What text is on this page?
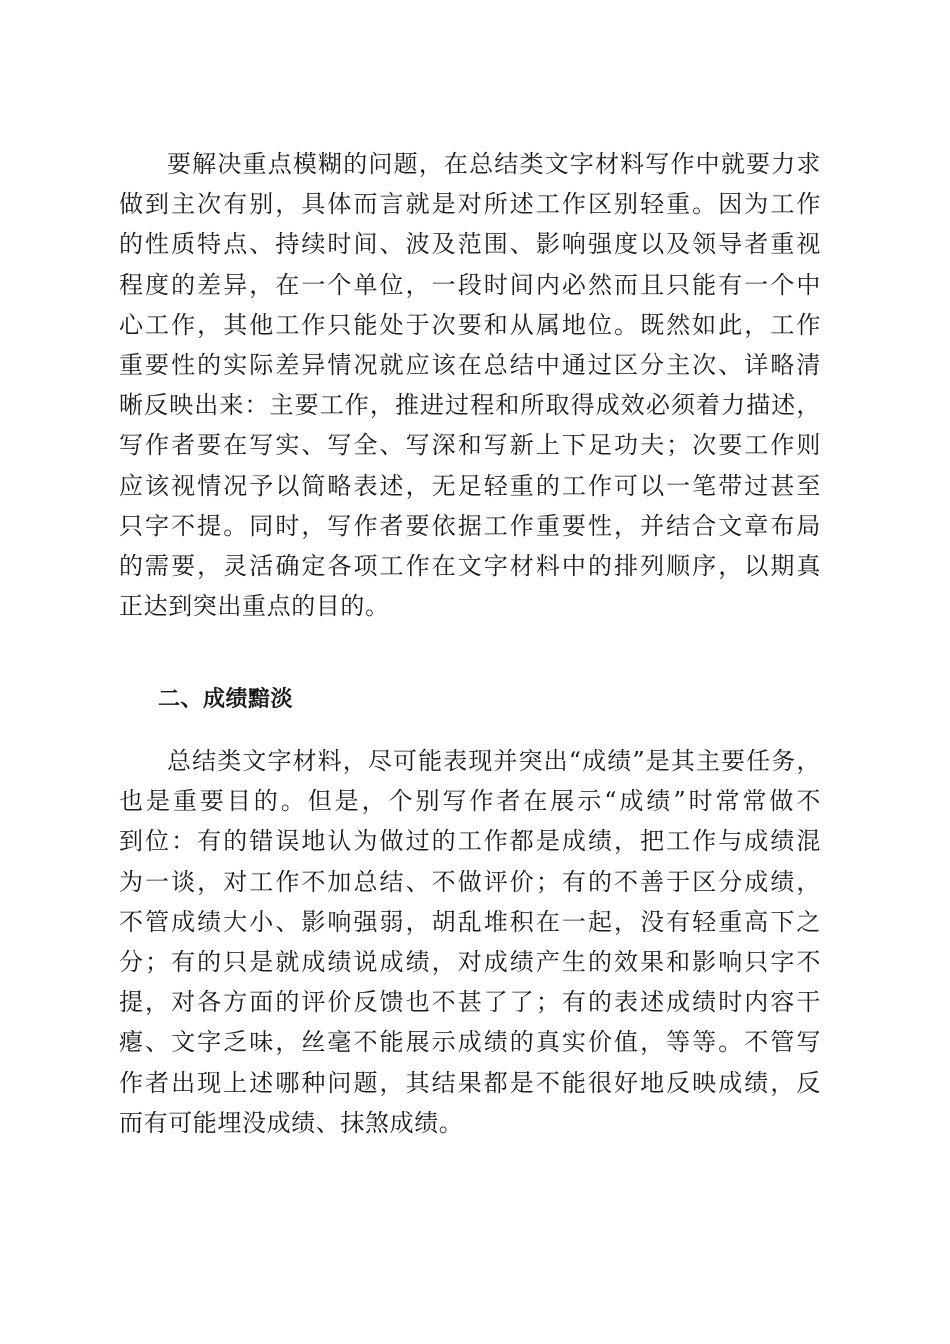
要解决重点模糊的问题，在总结类文字材料写作中就要力求
做到主次有别，具体而言就是对所述工作区别轻重。因为工作
的性质特点、持续时间、波及范围、影响强度以及领导者重视
程度的差异，在一个单位，一段时间内必然而且只能有一个中
心工作，其他工作只能处于次要和从属地位。既然如此，工作
重要性的实际差异情况就应该在总结中通过区分主次、详略清
晰反映出来：主要工作，推进过程和所取得成效必须着力描述，
写作者要在写实、写全、写深和写新上下足功夫；次要工作则
应该视情况予以简略表述，无足轻重的工作可以一笔带过甚至
只字不提。同时，写作者要依据工作重要性，并结合文章布局
的需要，灵活确定各项工作在文字材料中的排列顺序，以期真
正达到突出重点的目的。
二、成绩黯淡
总结类文字材料，尽可能表现并突出“成绩”是其主要任务，
也是重要目的。但是，个别写作者在展示“成绩”时常常做不
到位：有的错误地认为做过的工作都是成绩，把工作与成绩混
为一谈，对工作不加总结、不做评价；有的不善于区分成绩，
不管成绩大小、影响强弱，胡乱堆积在一起，没有轻重高下之
分；有的只是就成绩说成绩，对成绩产生的效果和影响只字不
提，对各方面的评价反馈也不甚了了；有的表述成绩时内容干
瘪、文字乏味，丝毫不能展示成绩的真实价值，等等。不管写
作者出现上述哪种问题，其结果都是不能很好地反映成绩，反
而有可能埋没成绩、抹煞成绩。
